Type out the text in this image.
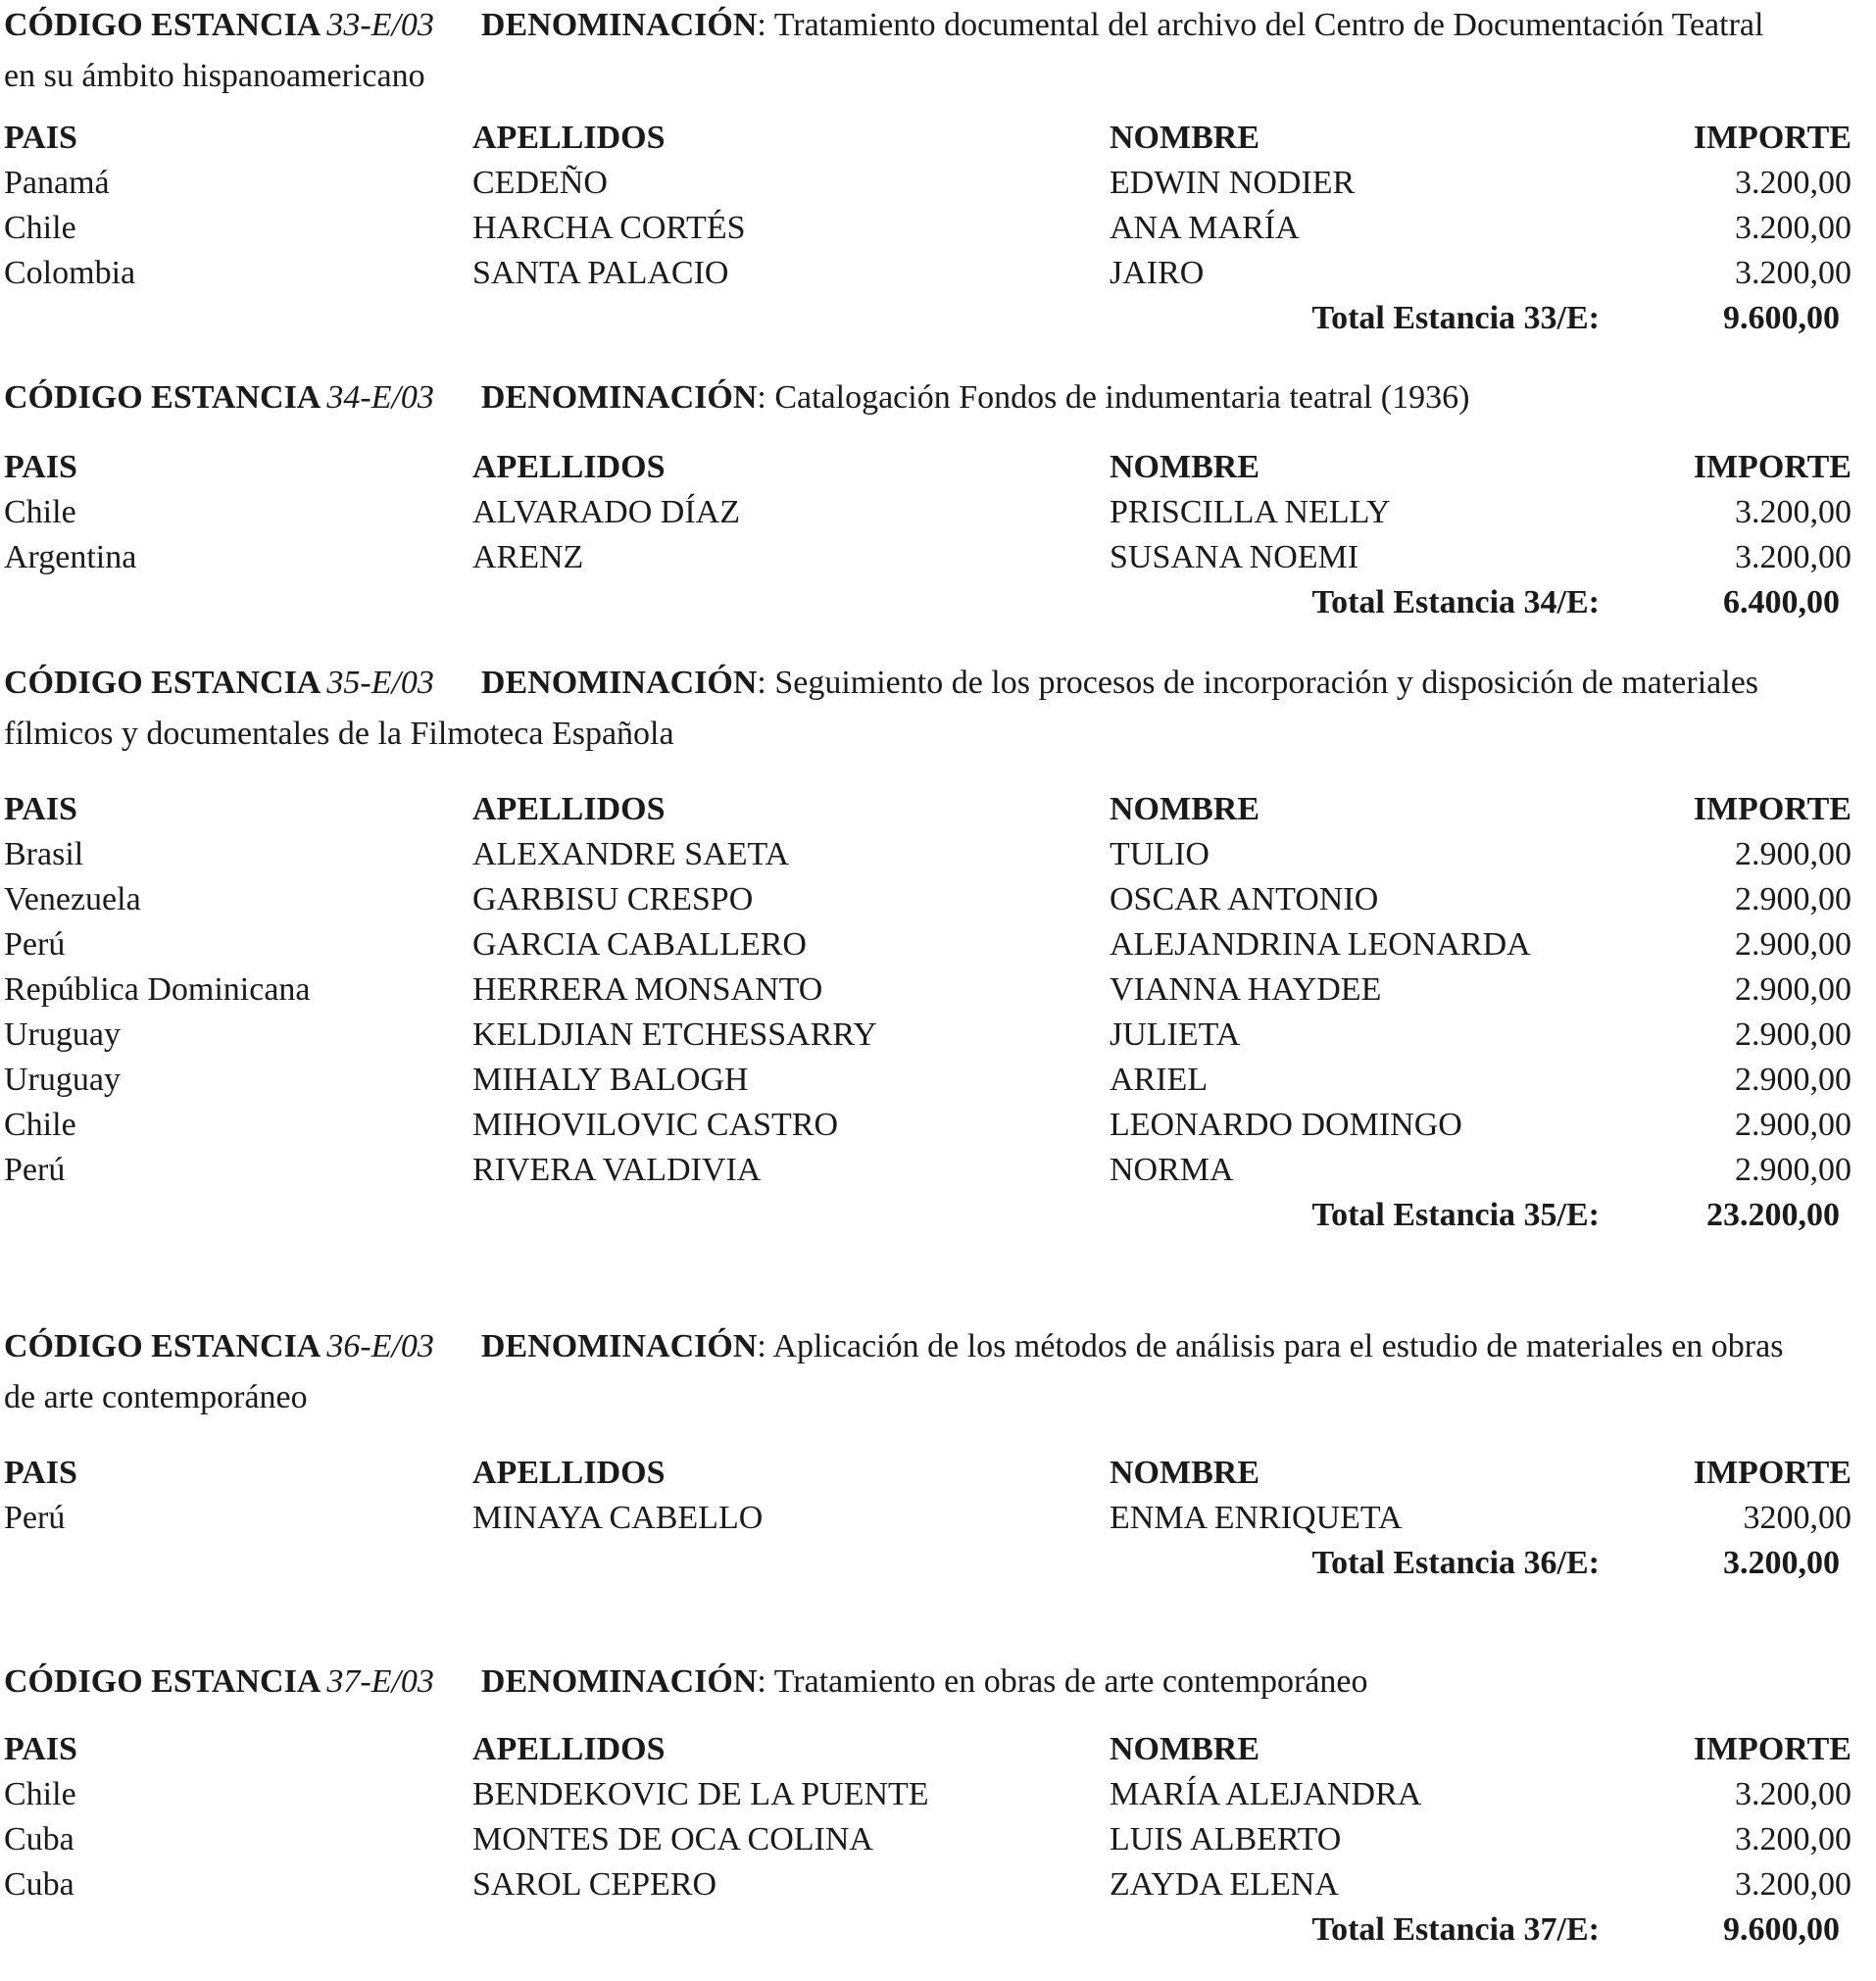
CÓDIGO ESTANCIA 33-E/03 DENOMINACIÓN: Tratamiento documental del archivo del Centro de Documentación Teatral en su ámbito hispanoamericano
PAIS	APELLIDOS	NOMBRE	IMPORTE
Panamá	CEDEÑO	EDWIN NODIER	3.200,00
Chile	HARCHA CORTÉS	ANA MARÍA	3.200,00
Colombia	SANTA PALACIO	JAIRO	3.200,00
Total Estancia 33/E:	9.600,00
CÓDIGO ESTANCIA 34-E/03 DENOMINACIÓN: Catalogación Fondos de indumentaria teatral (1936)
PAIS	APELLIDOS	NOMBRE	IMPORTE
Chile	ALVARADO DÍAZ	PRISCILLA NELLY	3.200,00
Argentina	ARENZ	SUSANA NOEMI	3.200,00
Total Estancia 34/E:	6.400,00
CÓDIGO ESTANCIA 35-E/03 DENOMINACIÓN: Seguimiento de los procesos de incorporación y disposición de materiales fílmicos y documentales de la Filmoteca Española
PAIS	APELLIDOS	NOMBRE	IMPORTE
Brasil	ALEXANDRE SAETA	TULIO	2.900,00
Venezuela	GARBISU CRESPO	OSCAR ANTONIO	2.900,00
Perú	GARCIA CABALLERO	ALEJANDRINA LEONARDA	2.900,00
República Dominicana	HERRERA MONSANTO	VIANNA HAYDEE	2.900,00
Uruguay	KELDJIAN ETCHESSARRY	JULIETA	2.900,00
Uruguay	MIHALY BALOGH	ARIEL	2.900,00
Chile	MIHOVILOVIC CASTRO	LEONARDO DOMINGO	2.900,00
Perú	RIVERA VALDIVIA	NORMA	2.900,00
Total Estancia 35/E:	23.200,00
CÓDIGO ESTANCIA 36-E/03 DENOMINACIÓN: Aplicación de los métodos de análisis para el estudio de materiales en obras de arte contemporáneo
PAIS	APELLIDOS	NOMBRE	IMPORTE
Perú	MINAYA CABELLO	ENMA ENRIQUETA	3200,00
Total Estancia 36/E:	3.200,00
CÓDIGO ESTANCIA 37-E/03 DENOMINACIÓN: Tratamiento en obras de arte contemporáneo
PAIS	APELLIDOS	NOMBRE	IMPORTE
Chile	BENDEKOVIC DE LA PUENTE	MARÍA ALEJANDRA	3.200,00
Cuba	MONTES DE OCA COLINA	LUIS ALBERTO	3.200,00
Cuba	SAROL CEPERO	ZAYDA ELENA	3.200,00
Total Estancia 37/E:	9.600,00
